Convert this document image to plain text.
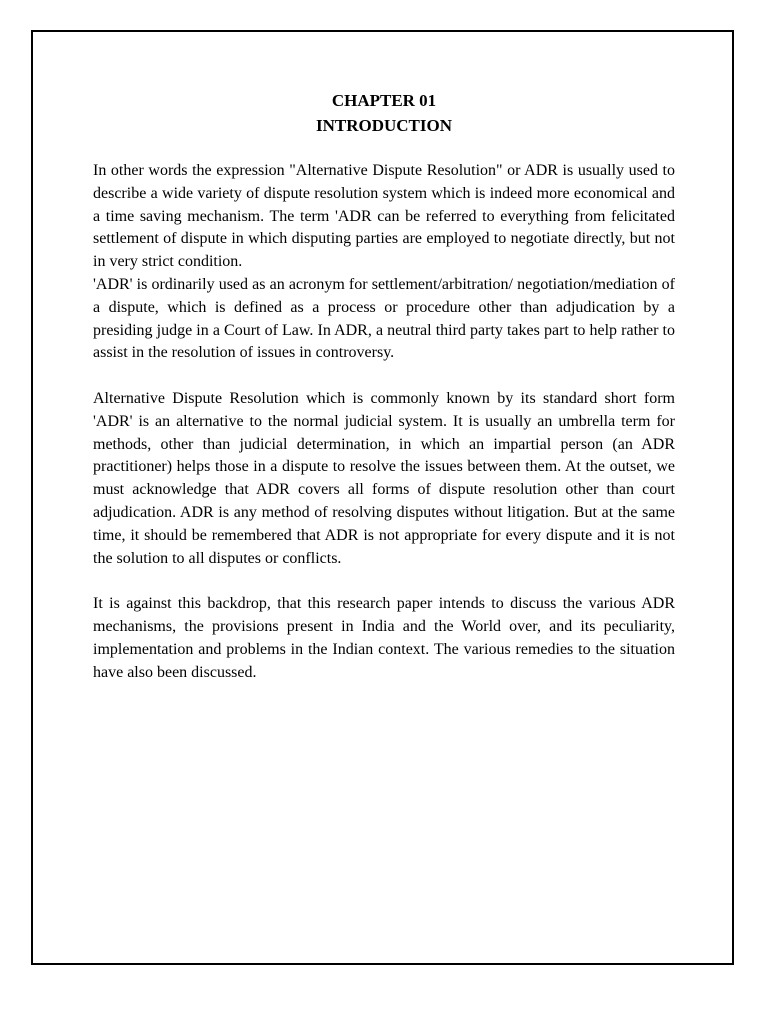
CHAPTER 01

INTRODUCTION

In other words the expression "Alternative Dispute Resolution" or ADR is usually used to describe a wide variety of dispute resolution system which is indeed more economical and a time saving mechanism. The term 'ADR can be referred to everything from felicitated settlement of dispute in which disputing parties are employed to negotiate directly, but not in very strict condition.

'ADR' is ordinarily used as an acronym for settlement/arbitration/ negotiation/mediation of a dispute, which is defined as a process or procedure other than adjudication by a presiding judge in a Court of Law. In ADR, a neutral third party takes part to help rather to assist in the resolution of issues in controversy.

Alternative Dispute Resolution which is commonly known by its standard short form 'ADR' is an alternative to the normal judicial system. It is usually an umbrella term for methods, other than judicial determination, in which an impartial person (an ADR practitioner) helps those in a dispute to resolve the issues between them. At the outset, we must acknowledge that ADR covers all forms of dispute resolution other than court adjudication. ADR is any method of resolving disputes without litigation. But at the same time, it should be remembered that ADR is not appropriate for every dispute and it is not the solution to all disputes or conflicts.

It is against this backdrop, that this research paper intends to discuss the various ADR mechanisms, the provisions present in India and the World over, and its peculiarity, implementation and problems in the Indian context. The various remedies to the situation have also been discussed.
